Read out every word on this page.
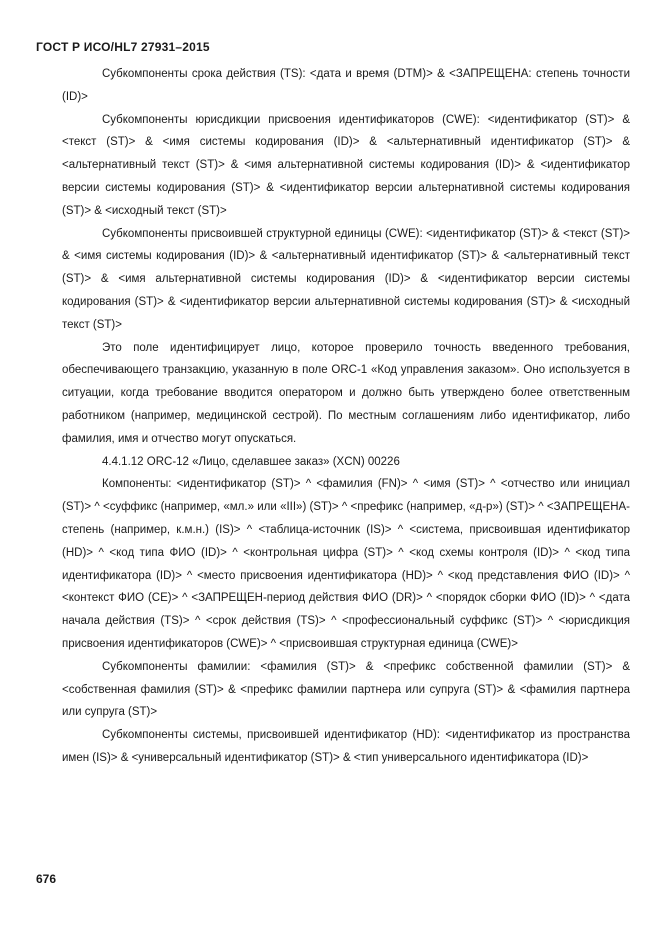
ГОСТ Р ИСО/HL7 27931–2015

Субкомпоненты срока действия (TS): <дата и время (DTM)> & <ЗАПРЕЩЕНА: степень точности (ID)>

Субкомпоненты юрисдикции присвоения идентификаторов (CWE): <идентификатор (ST)> & <текст (ST)> & <имя системы кодирования (ID)> & <альтернативный идентификатор (ST)> & <альтернативный текст (ST)> & <имя альтернативной системы кодирования (ID)> & <идентификатор версии системы кодирования (ST)> & <идентификатор версии альтернативной системы кодирования (ST)> & <исходный текст (ST)>

Субкомпоненты присвоившей структурной единицы (CWE): <идентификатор (ST)> & <текст (ST)> & <имя системы кодирования (ID)> & <альтернативный идентификатор (ST)> & <альтернативный текст (ST)> & <имя альтернативной системы кодирования (ID)> & <идентификатор версии системы кодирования (ST)> & <идентификатор версии альтернативной системы кодирования (ST)> & <исходный текст (ST)>

Это поле идентифицирует лицо, которое проверило точность введенного требования, обеспечивающего транзакцию, указанную в поле ORC-1 «Код управления заказом». Оно используется в ситуации, когда требование вводится оператором и должно быть утверждено более ответственным работником (например, медицинской сестрой). По местным соглашениям либо идентификатор, либо фамилия, имя и отчество могут опускаться.

4.4.1.12 ORC-12 «Лицо, сделавшее заказ» (XCN) 00226

Компоненты: <идентификатор (ST)> ^ <фамилия (FN)> ^ <имя (ST)> ^ <отчество или инициал (ST)> ^ <суффикс (например, «мл.» или «III») (ST)> ^ <префикс (например, «д-р») (ST)> ^ <ЗАПРЕЩЕНА-степень (например, к.м.н.) (IS)> ^ <таблица-источник (IS)> ^ <система, присвоившая идентификатор (HD)> ^ <код типа ФИО (ID)> ^ <контрольная цифра (ST)> ^ <код схемы контроля (ID)> ^ <код типа идентификатора (ID)> ^ <место присвоения идентификатора (HD)> ^ <код представления ФИО (ID)> ^ <контекст ФИО (CE)> ^ <ЗАПРЕЩЕН-период действия ФИО (DR)> ^ <порядок сборки ФИО (ID)> ^ <дата начала действия (TS)> ^ <срок действия (TS)> ^ <профессиональный суффикс (ST)> ^ <юрисдикция присвоения идентификаторов (CWE)> ^ <присвоившая структурная единица (CWE)>

Субкомпоненты фамилии: <фамилия (ST)> & <префикс собственной фамилии (ST)> & <собственная фамилия (ST)> & <префикс фамилии партнера или супруга (ST)> & <фамилия партнера или супруга (ST)>

Субкомпоненты системы, присвоившей идентификатор (HD): <идентификатор из пространства имен (IS)> & <универсальный идентификатор (ST)> & <тип универсального идентификатора (ID)>

676
